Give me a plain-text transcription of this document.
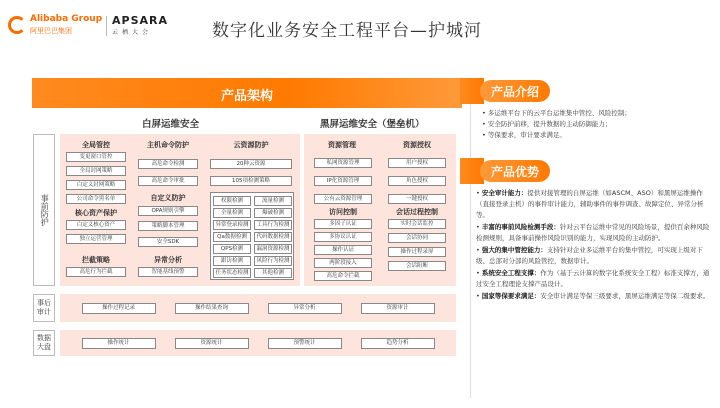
Alibaba Group
阿里巴巴集团
APSARA
云栖大会	数字化业务安全工程平台—护城河
产品架构
白屏运维安全	黑屏运维安全（堡垒机）
事前防护
事后审计
数据大盘
全局管控
变更窗口管控
全局封网策略
白定义封网策略
公司命令黑名单
核心资产保护
白定义核心资产
独立运营管理
拦截策略
高危行为拦截
主机命令防护
高危命令检测
高危命令审批
自定义防护
OPA规则引擎
策略脚本管理
安全SDK
异常分析
智能基线预警
云资源防护
20种云资源
105项检测策略
权限检测	流量检测
全量检测	爆破检测
异常登录检测	工具行为检测
Qa数据检测	代码数据检测
QPS检测	漏洞资源检测
跟访检测	风险行为检测
任务状态检测	其他检测
资源管理
私网资源管理
IP化资源管理
公有云资源管理
资源授权
用户授权
角色授权
一键授权
访问控制
多因子认证
多协议认证
操作认证
两阶段接入
高危命令拦截
会话过程控制
实时会话监控
会话协同
操作过程录屏
会话阻断
操作过程记录	操作结果查询	异常分析	资源审计
操作统计	资源统计	预警统计	趋势分析
产品介绍
• 多运维平台下的云平台运维集中管控、风险控制；
• 安全防护前移，提升数据的主动防御能力；
• 等保要求，审计要求满足。
产品优势
• 安全审计能力：提供对接管理的自屏运维（如ASCM、ASO）和黑屏运维操作（直接登录主机）的事件审计能力，辅助事件的事件调查、故障定位、异常分析等。
• 丰富的事前风险检测手段：针对云平台运维中常见的风险场景，提供百余种风险检测规则，具备事前操作风险识别的能力，实现风险的主动防护。
• 强大的集中管控能力：支持针对企业多运维平台的集中管控，可实现上级对下级、总部对分部的风险管控，数据审计。
• 系统安全工程支撑：作为（基于云计算的数字化系统安全工程）标准支撑方，通过安全工程理论支撑产品设计。
• 国家等保要求满足：安全审计满足等保三级要求，黑屏运维满足等保二级要求。
